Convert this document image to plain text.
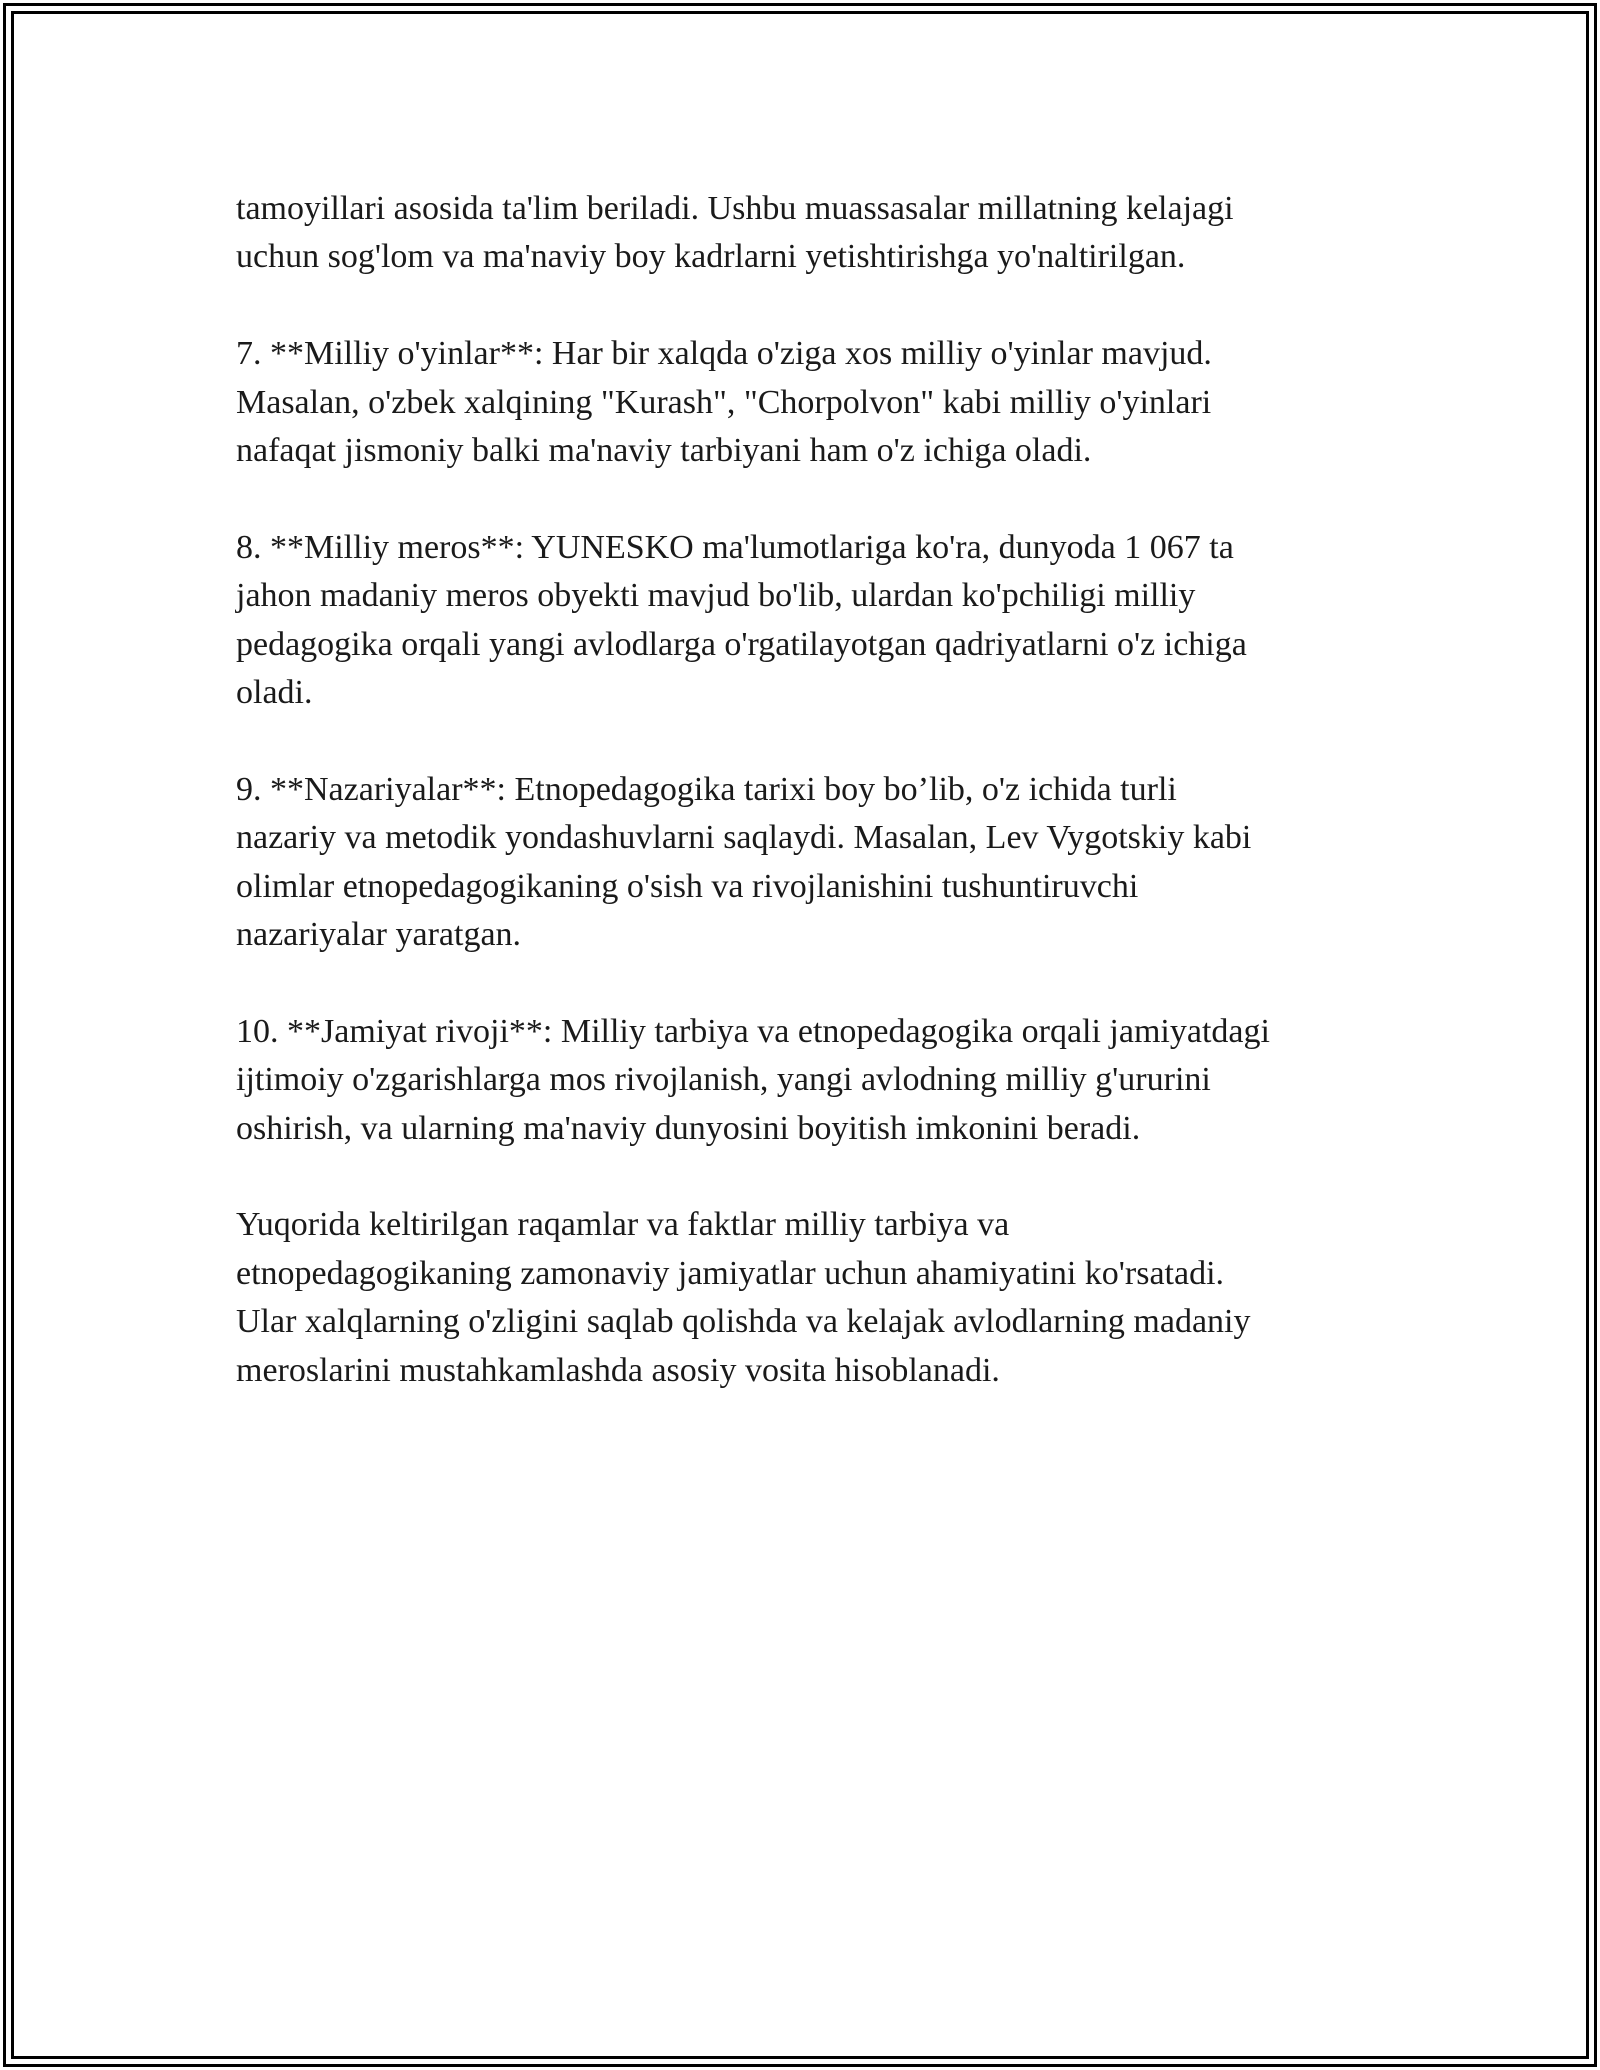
tamoyillari asosida ta'lim beriladi. Ushbu muassasalar millatning kelajagi
uchun sog'lom va ma'naviy boy kadrlarni yetishtirishga yo'naltirilgan.

7. **Milliy o'yinlar**: Har bir xalqda o'ziga xos milliy o'yinlar mavjud.
Masalan, o'zbek xalqining "Kurash", "Chorpolvon" kabi milliy o'yinlari
nafaqat jismoniy balki ma'naviy tarbiyani ham o'z ichiga oladi.

8. **Milliy meros**: YUNESKO ma'lumotlariga ko'ra, dunyoda 1 067 ta
jahon madaniy meros obyekti mavjud bo'lib, ulardan ko'pchiligi milliy
pedagogika orqali yangi avlodlarga o'rgatilayotgan qadriyatlarni o'z ichiga
oladi.

9. **Nazariyalar**: Etnopedagogika tarixi boy bo’lib, o'z ichida turli
nazariy va metodik yondashuvlarni saqlaydi. Masalan, Lev Vygotskiy kabi
olimlar etnopedagogikaning o'sish va rivojlanishini tushuntiruvchi
nazariyalar yaratgan.

10. **Jamiyat rivoji**: Milliy tarbiya va etnopedagogika orqali jamiyatdagi
ijtimoiy o'zgarishlarga mos rivojlanish, yangi avlodning milliy g'ururini
oshirish, va ularning ma'naviy dunyosini boyitish imkonini beradi.

Yuqorida keltirilgan raqamlar va faktlar milliy tarbiya va
etnopedagogikaning zamonaviy jamiyatlar uchun ahamiyatini ko'rsatadi.
Ular xalqlarning o'zligini saqlab qolishda va kelajak avlodlarning madaniy
meroslarini mustahkamlashda asosiy vosita hisoblanadi.
